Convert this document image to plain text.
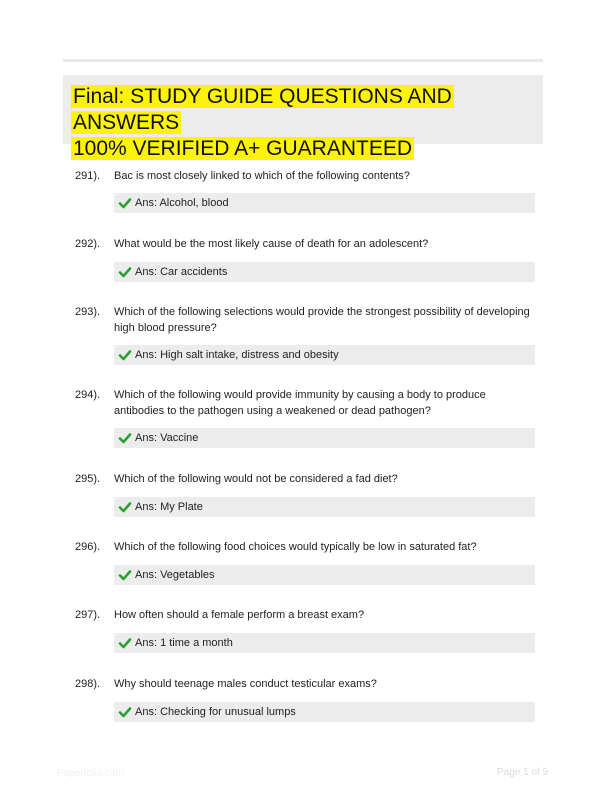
Final: STUDY GUIDE QUESTIONS AND ANSWERS
100% VERIFIED A+ GUARANTEED
291). Bac is most closely linked to which of the following contents?
Ans: Alcohol, blood
292). What would be the most likely cause of death for an adolescent?
Ans: Car accidents
293). Which of the following selections would provide the strongest possibility of developing high blood pressure?
Ans: High salt intake, distress and obesity
294). Which of the following would provide immunity by causing a body to produce antibodies to the pathogen using a weakened or dead pathogen?
Ans: Vaccine
295). Which of the following would not be considered a fad diet?
Ans: My Plate
296). Which of the following food choices would typically be low in saturated fat?
Ans: Vegetables
297). How often should a female perform a breast exam?
Ans: 1 time a month
298). Why should teenage males conduct testicular exams?
Ans: Checking for unusual lumps
Paperfolio.com	Page 1 of 9
